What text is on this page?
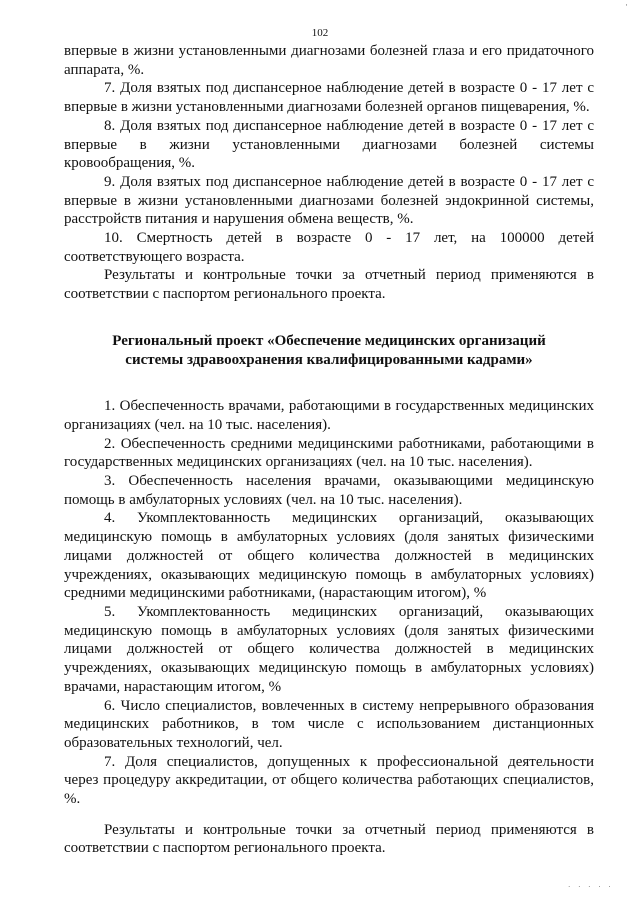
·
102

впервые в жизни установленными диагнозами болезней глаза и его придаточного аппарата, %.

7. Доля взятых под диспансерное наблюдение детей в возрасте 0 - 17 лет с впервые в жизни установленными диагнозами болезней органов пищеварения, %.

8. Доля взятых под диспансерное наблюдение детей в возрасте 0 - 17 лет с впервые в жизни установленными диагнозами болезней системы кровообращения, %.

9. Доля взятых под диспансерное наблюдение детей в возрасте 0 - 17 лет с впервые в жизни установленными диагнозами болезней эндокринной системы, расстройств питания и нарушения обмена веществ, %.

10. Смертность детей в возрасте 0 - 17 лет, на 100000 детей соответствующего возраста.

Результаты и контрольные точки за отчетный период применяются в соответствии с паспортом регионального проекта.

Региональный проект «Обеспечение медицинских организаций
системы здравоохранения квалифицированными кадрами»

1. Обеспеченность врачами, работающими в государственных медицинских организациях (чел. на 10 тыс. населения).

2. Обеспеченность средними медицинскими работниками, работающими в государственных медицинских организациях (чел. на 10 тыс. населения).

3. Обеспеченность населения врачами, оказывающими медицинскую помощь в амбулаторных условиях (чел. на 10 тыс. населения).

4. Укомплектованность медицинских организаций, оказывающих медицинскую помощь в амбулаторных условиях (доля занятых физическими лицами должностей от общего количества должностей в медицинских учреждениях, оказывающих медицинскую помощь в амбулаторных условиях) средними медицинскими работниками, (нарастающим итогом), %

5. Укомплектованность медицинских организаций, оказывающих медицинскую помощь в амбулаторных условиях (доля занятых физическими лицами должностей от общего количества должностей в медицинских учреждениях, оказывающих медицинскую помощь в амбулаторных условиях) врачами, нарастающим итогом, %

6. Число специалистов, вовлеченных в систему непрерывного образования медицинских работников, в том числе с использованием дистанционных образовательных технологий, чел.

7. Доля специалистов, допущенных к профессиональной деятельности через процедуру аккредитации, от общего количества работающих специалистов, %.

Результаты и контрольные точки за отчетный период применяются в соответствии с паспортом регионального проекта.

· · · · ·
